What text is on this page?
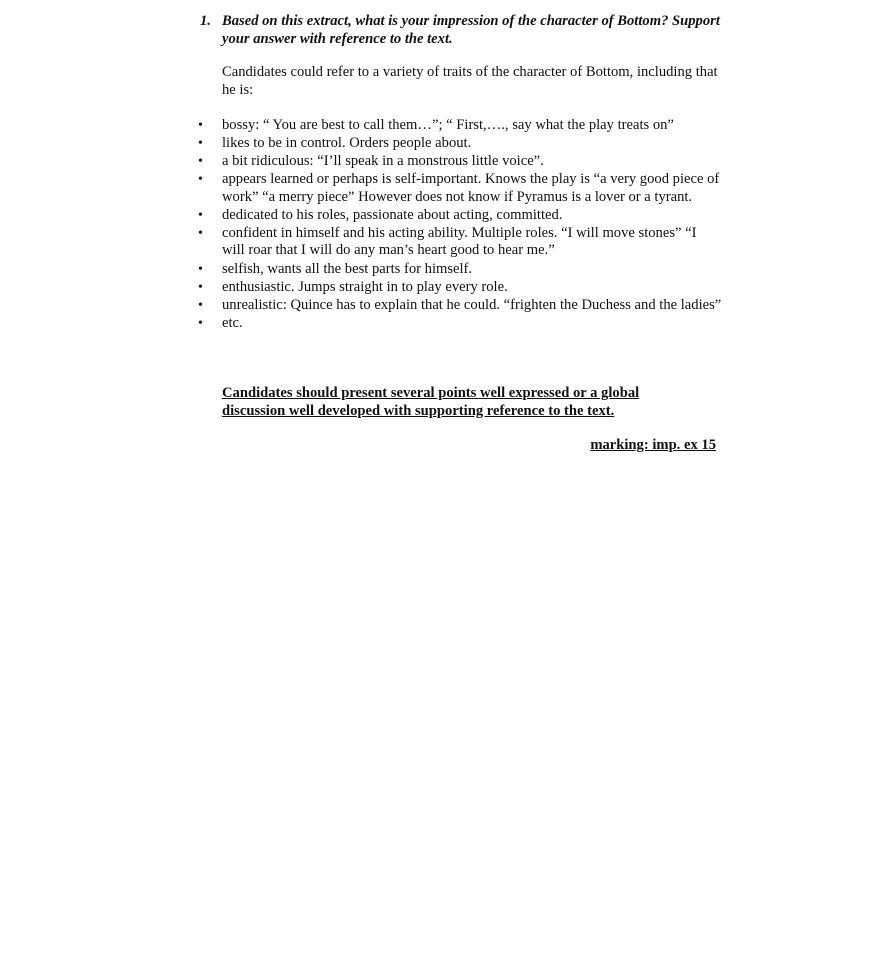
1. Based on this extract, what is your impression of the character of Bottom? Support your answer with reference to the text.
Candidates could refer to a variety of traits of the character of Bottom, including that he is:
• bossy: “ You are best to call them…”; “ First,…., say what the play treats on”
• likes to be in control. Orders people about.
• a bit ridiculous: “I’ll speak in a monstrous little voice”.
• appears learned or perhaps is self-important. Knows the play is “a very good piece of work” “a merry piece” However does not know if Pyramus is a lover or a tyrant.
• dedicated to his roles, passionate about acting, committed.
• confident in himself and his acting ability. Multiple roles. “I will move stones” “I will roar that I will do any man’s heart good to hear me.”
• selfish, wants all the best parts for himself.
• enthusiastic. Jumps straight in to play every role.
• unrealistic: Quince has to explain that he could. “frighten the Duchess and the ladies”
• etc.
Candidates should present several points well expressed or a global discussion well developed with supporting reference to the text.
marking: imp. ex 15
